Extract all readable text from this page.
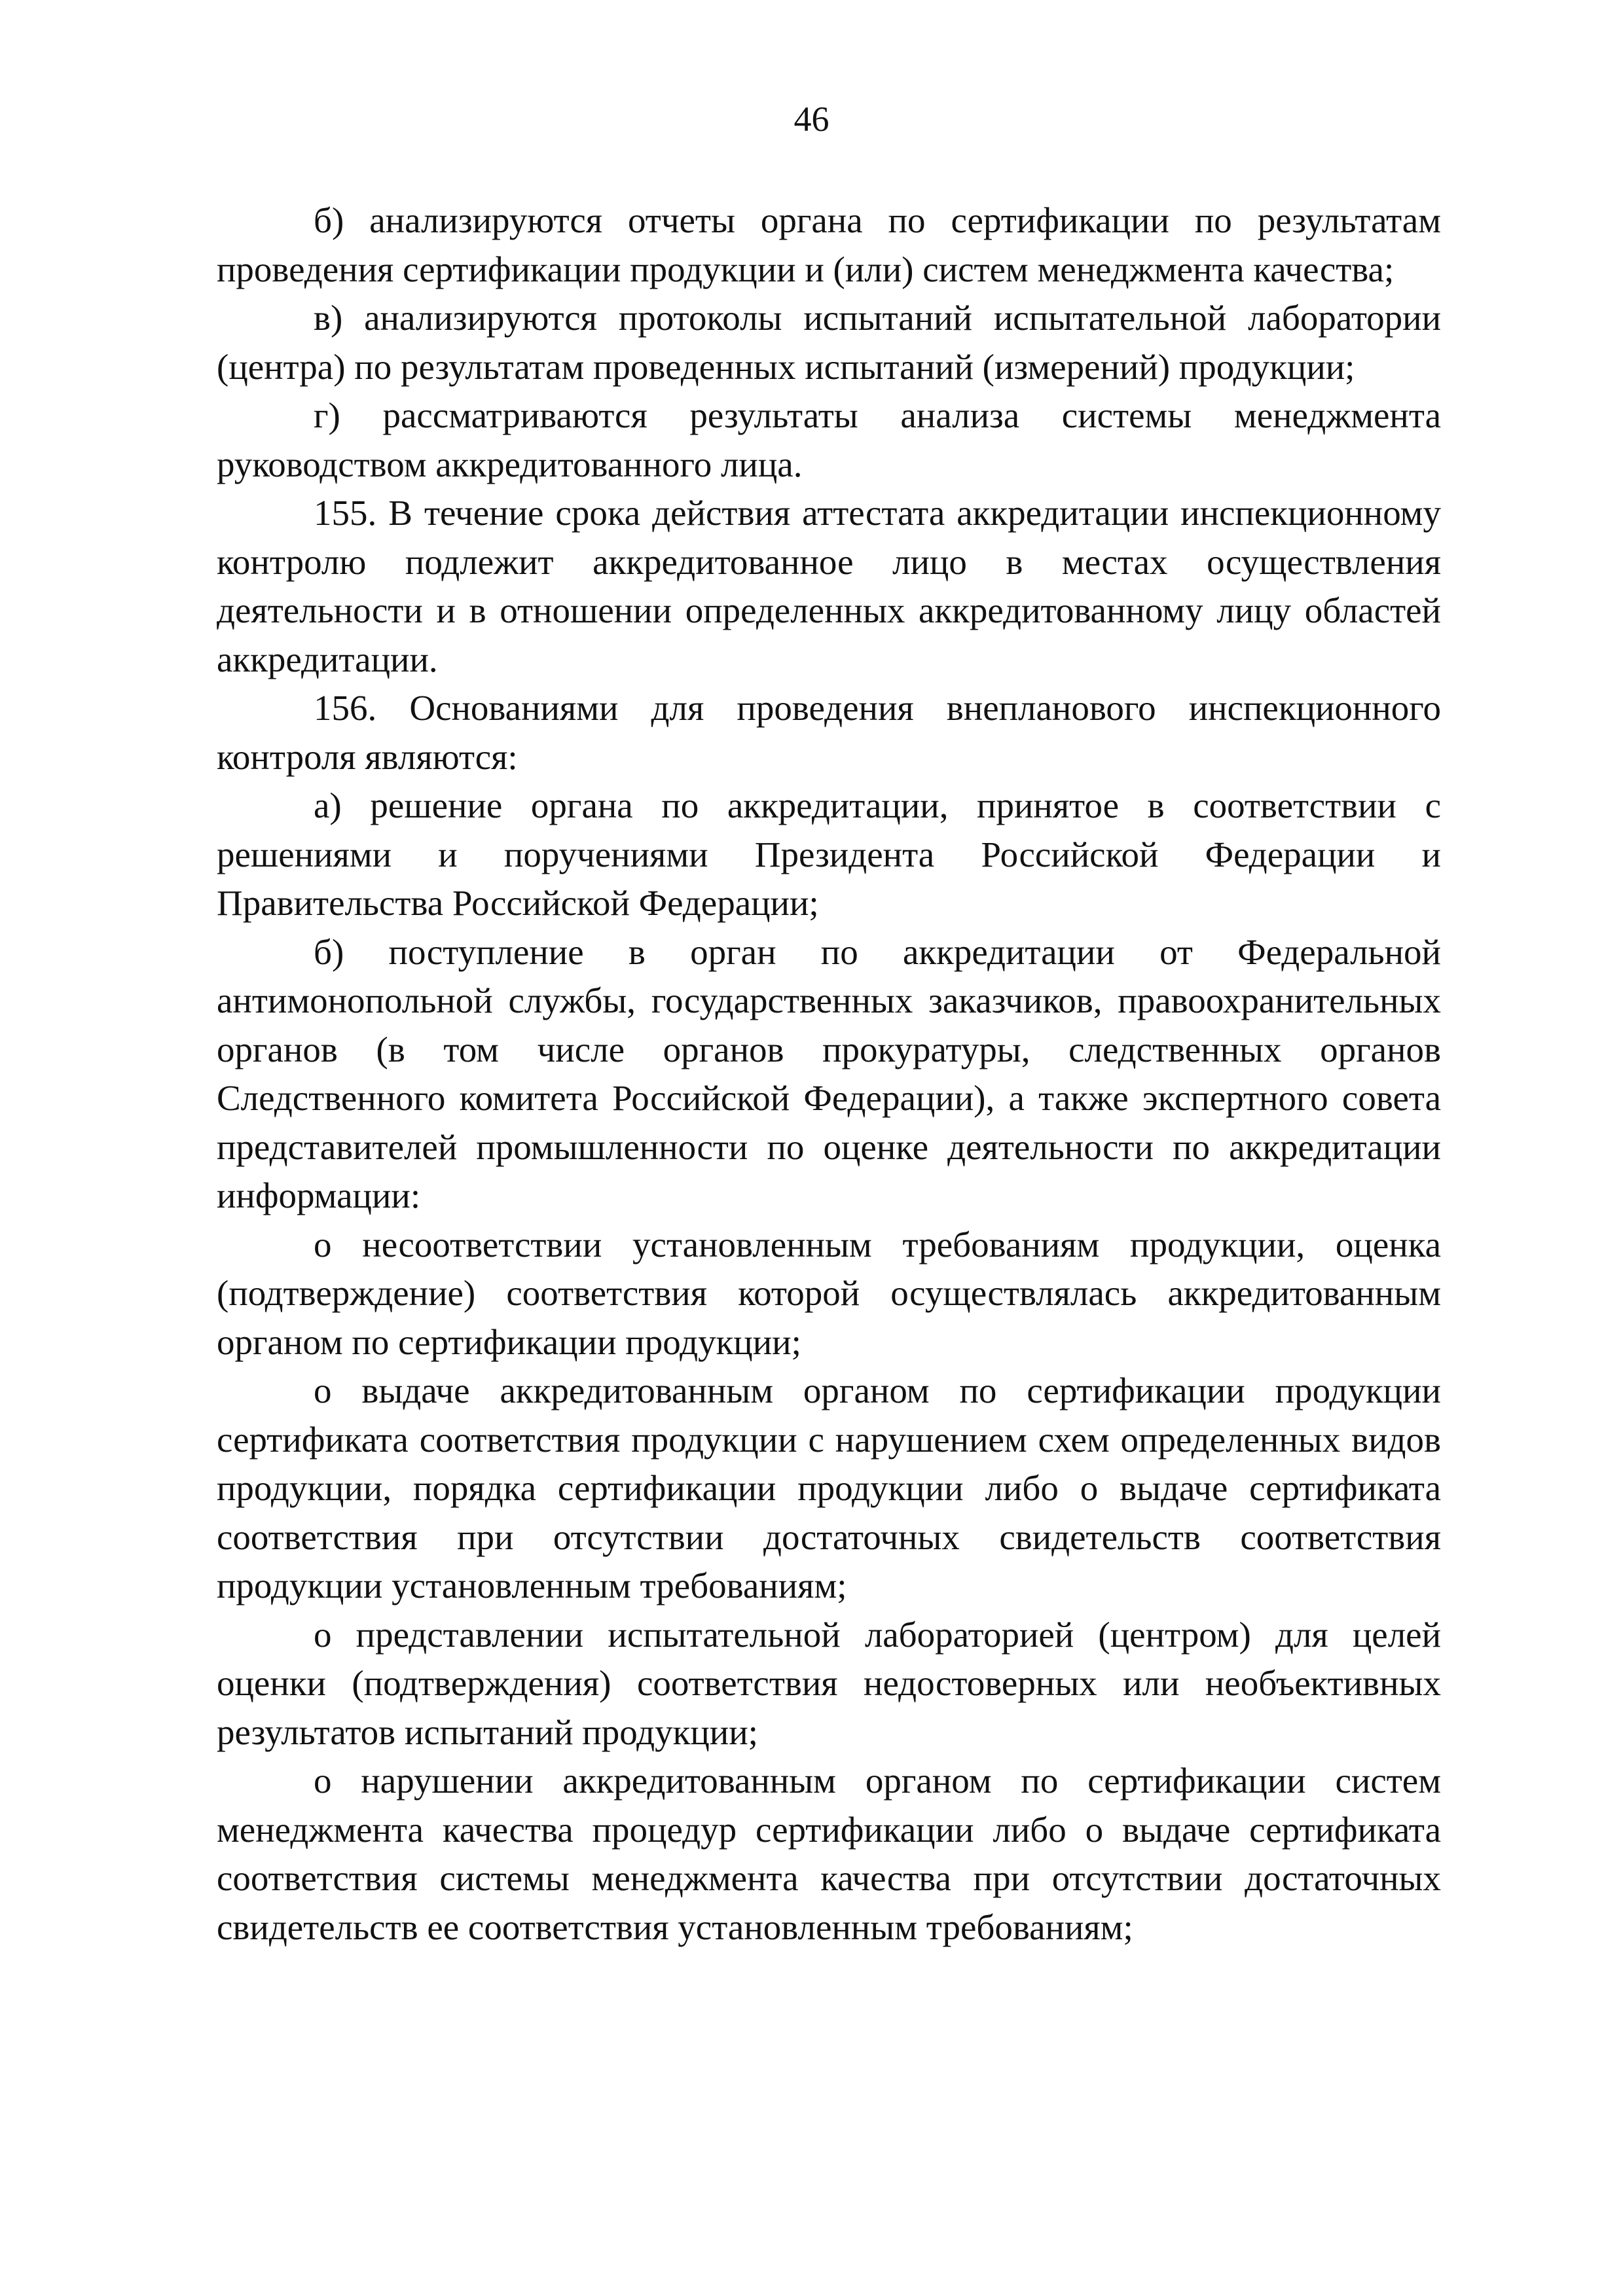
46

б) анализируются отчеты органа по сертификации по результатам проведения сертификации продукции и (или) систем менеджмента качества;

в) анализируются протоколы испытаний испытательной лаборатории (центра) по результатам проведенных испытаний (измерений) продукции;

г) рассматриваются результаты анализа системы менеджмента руководством аккредитованного лица.

155. В течение срока действия аттестата аккредитации инспекционному контролю подлежит аккредитованное лицо в местах осуществления деятельности и в отношении определенных аккредитованному лицу областей аккредитации.

156. Основаниями для проведения внепланового инспекционного контроля являются:

а) решение органа по аккредитации, принятое в соответствии с решениями и поручениями Президента Российской Федерации и Правительства Российской Федерации;

б) поступление в орган по аккредитации от Федеральной антимонопольной службы, государственных заказчиков, правоохранительных органов (в том числе органов прокуратуры, следственных органов Следственного комитета Российской Федерации), а также экспертного совета представителей промышленности по оценке деятельности по аккредитации информации:

о несоответствии установленным требованиям продукции, оценка (подтверждение) соответствия которой осуществлялась аккредитованным органом по сертификации продукции;

о выдаче аккредитованным органом по сертификации продукции сертификата соответствия продукции с нарушением схем определенных видов продукции, порядка сертификации продукции либо о выдаче сертификата соответствия при отсутствии достаточных свидетельств соответствия продукции установленным требованиям;

о представлении испытательной лабораторией (центром) для целей оценки (подтверждения) соответствия недостоверных или необъективных результатов испытаний продукции;

о нарушении аккредитованным органом по сертификации систем менеджмента качества процедур сертификации либо о выдаче сертификата соответствия системы менеджмента качества при отсутствии достаточных свидетельств ее соответствия установленным требованиям;
